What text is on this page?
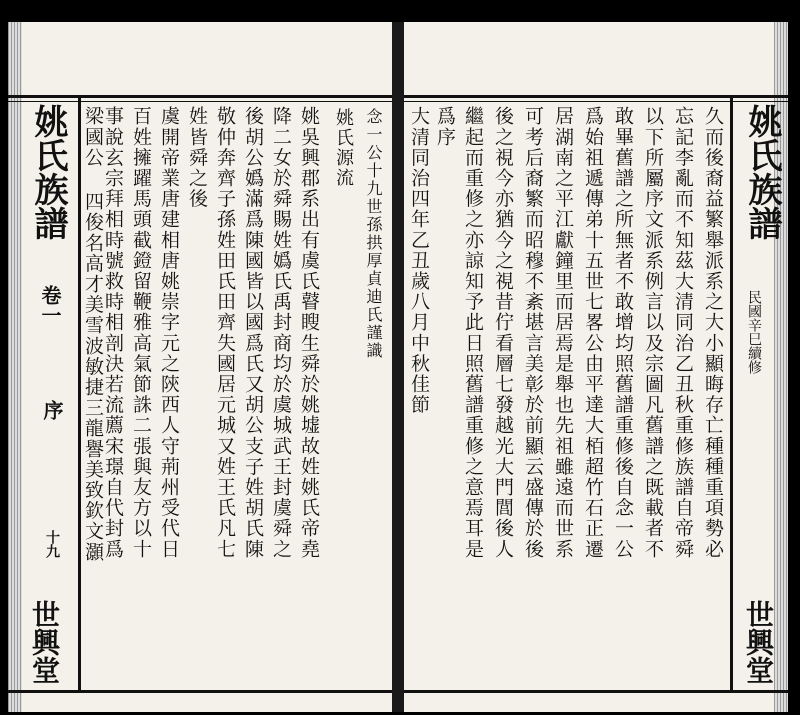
姚氏族譜
卷一
序
十九
世興堂
念一公十九世孫拱厚貞迪氏謹識
姚氏源流
姚吳興郡系出有虞氏瞽瞍生舜於姚墟故姓姚氏帝堯
降二女於舜賜姓嬀氏禹封商均於虞城武王封虞舜之
後胡公嬀滿爲陳國皆以國爲氏又胡公支子姓胡氏陳
敬仲奔齊子孫姓田氏田齊失國居元城又姓王氏凡七
姓皆舜之後
虞開帝業唐建相唐姚崇字元之陝西人守荊州受代日
百姓擁躍馬頭截鐙留鞭雅高氣節誅二張與友方以十
事說玄宗拜相時號救時相剖決若流薦宋璟自代封爲
梁國公 四俊名高才美雪波敏捷三龍譽美致欽文灝	姚氏族譜
民國辛巳續修
世興堂
久而後裔益繁舉派系之大小顯晦存亡種種重項勢必
忘記李亂而不知茲大清同治乙丑秋重修族譜自帝舜
以下所屬序文派系例言以及宗圖凡舊譜之既載者不
敢畢舊譜之所無者不敢增均照舊譜重修後自念一公
爲始祖遞傳弟十五世七畧公由平達大栢超竹石正遷
居湖南之平江獻鐘里而居焉是舉也先祖雖遠而世系
可考后裔繁而昭穆不紊堪言美彰於前顯云盛傳於後
後之視今亦猶今之視昔佇看層七發越光大門閭後人
繼起而重修之亦諒知予此日照舊譜重修之意焉耳是
爲序
大清同治四年乙丑歲八月中秋佳節
